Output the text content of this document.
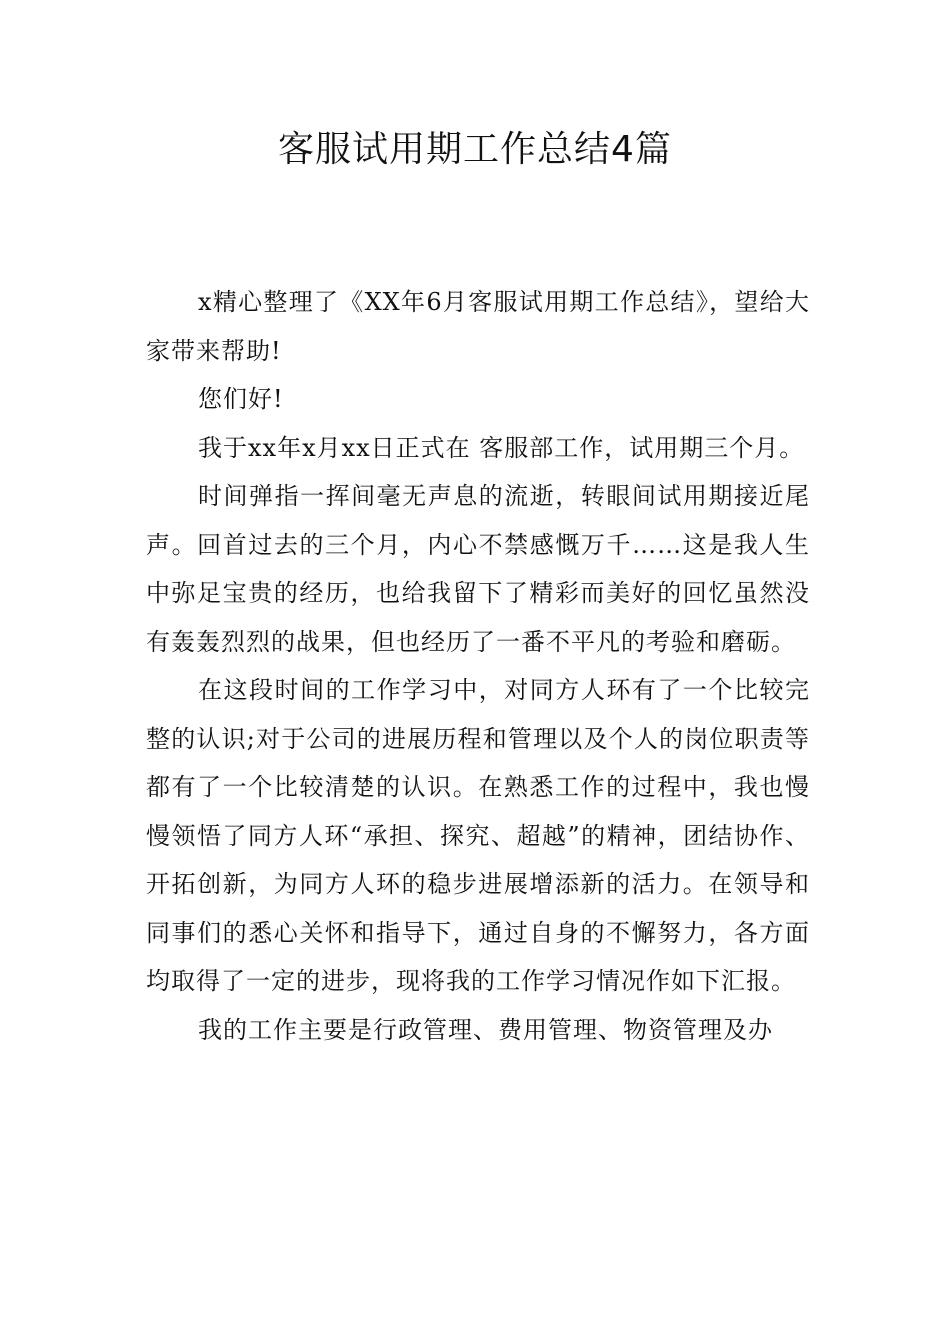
客服试用期工作总结4篇

x精心整理了《XX年6月客服试用期工作总结》，望给大家带来帮助!

您们好!

我于xx年x月xx日正式在 客服部工作，试用期三个月。

时间弹指一挥间毫无声息的流逝，转眼间试用期接近尾声。回首过去的三个月，内心不禁感慨万千……这是我人生中弥足宝贵的经历，也给我留下了精彩而美好的回忆虽然没有轰轰烈烈的战果，但也经历了一番不平凡的考验和磨砺。

在这段时间的工作学习中，对同方人环有了一个比较完整的认识;对于公司的进展历程和管理以及个人的岗位职责等都有了一个比较清楚的认识。在熟悉工作的过程中，我也慢慢领悟了同方人环“承担、探究、超越”的精神，团结协作、开拓创新，为同方人环的稳步进展增添新的活力。在领导和同事们的悉心关怀和指导下，通过自身的不懈努力，各方面均取得了一定的进步，现将我的工作学习情况作如下汇报。

我的工作主要是行政管理、费用管理、物资管理及办
